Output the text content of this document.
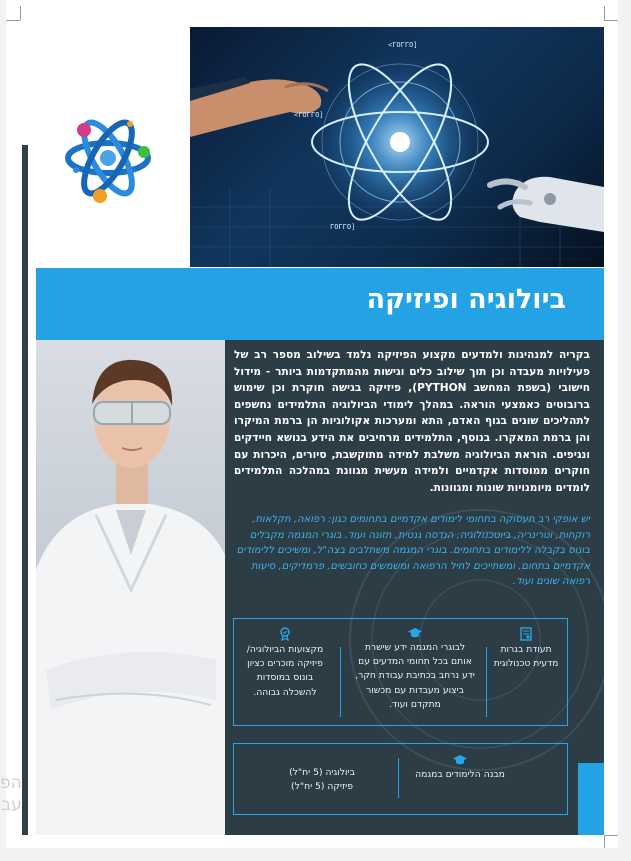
<ΓΟΓΓΟ]
<ΓΟΓΓΟ]
ΓΟΓΓΟ]
ביולוגיה ופיזיקה
בקריה למנהיגות ולמדעים מקצוע הפיזיקה נלמד בשילוב מספר רב של פעילויות מעבדה וכן תוך שילוב כלים וגישות מהמתקדמות ביותר - מידול חישובי (בשפת המחשב PYTHON), פיזיקה בגישה חוקרת וכן שימוש ברובוטים כאמצעי הוראה. במהלך לימודי הביולוגיה התלמידים נחשפים לתהליכים שונים בגוף האדם, התא ומערכות אקולוגיות הן ברמת המיקרו והן ברמת המאקרו. בנוסף, התלמידים מרחיבים את הידע בנושא חיידקים ונגיפים. הוראת הביולוגיה משלבת למידה מתוקשבת, סיורים, היכרות עם חוקרים ממוסדות אקדמיים ולמידה מעשית מגוונת במהלכה התלמידים לומדים מיומנויות שונות ומגוונות.
יש אופקי רב תעסוקה בתחומי לימודים אקדמיים בתחומים כגון: רפואה, תקלאות, רוקחות, וטרינריה, ביוטכנולוגיה, הנדסה גנטית, תזונה ועוד. בוגרי המגמה מקבלים בונוס בקבלה ללימודים בתחומים. בוגרי המגמה משתלבים בצה"ל, ומשיכים ללימודים אקדמיים בתחום, ומשתייכים לחיל הרפואה ומשמשים כחובשים, פרמדיקים, סיעות רפואה שונים ועוד.
תעודת בגרות מדעית טכנולוגית
לבוגרי המגמה ידע שישרת אותם בכל תחומי המדעים עם ידע נרחב בכתיבת עבודת חקר, ביצוע מעבדות עם מכשור מתקדם ועוד.
מקצועות הביולוגיה/ פיזיקה מוכרים כציון בונוס במוסדות להשכלה גבוהה.
מבנה הלימודים במגמה
ביולוגיה (5 יח"ל)
פיזיקה (5 יח"ל)
הפ
עב
